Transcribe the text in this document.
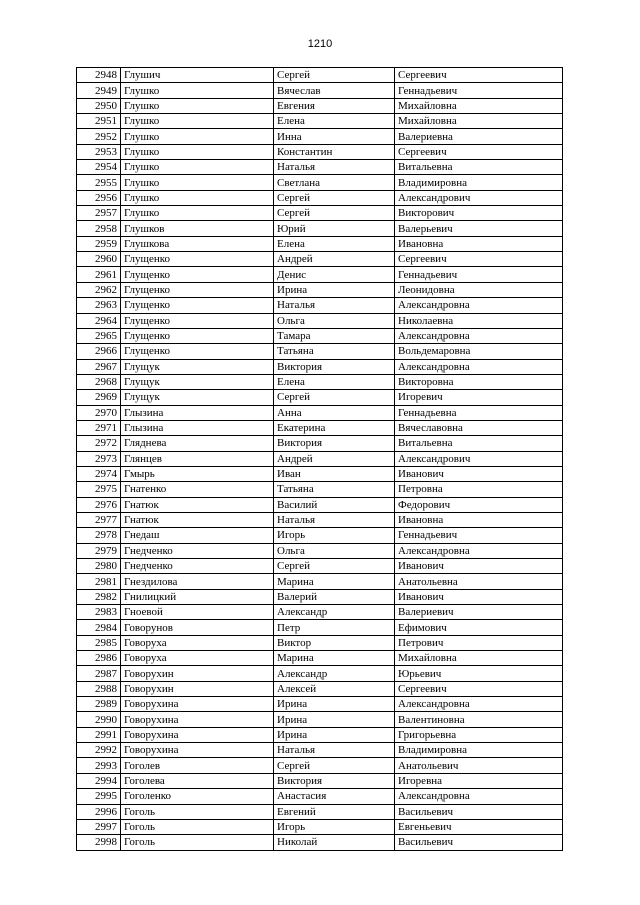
1210
2948	Глушич	Сергей	Сергеевич
2949	Глушко	Вячеслав	Геннадьевич
2950	Глушко	Евгения	Михайловна
2951	Глушко	Елена	Михайловна
2952	Глушко	Инна	Валериевна
2953	Глушко	Константин	Сергеевич
2954	Глушко	Наталья	Витальевна
2955	Глушко	Светлана	Владимировна
2956	Глушко	Сергей	Александрович
2957	Глушко	Сергей	Викторович
2958	Глушков	Юрий	Валерьевич
2959	Глушкова	Елена	Ивановна
2960	Глущенко	Андрей	Сергеевич
2961	Глущенко	Денис	Геннадьевич
2962	Глущенко	Ирина	Леонидовна
2963	Глущенко	Наталья	Александровна
2964	Глущенко	Ольга	Николаевна
2965	Глущенко	Тамара	Александровна
2966	Глущенко	Татьяна	Вольдемаровна
2967	Глущук	Виктория	Александровна
2968	Глущук	Елена	Викторовна
2969	Глущук	Сергей	Игоревич
2970	Глызина	Анна	Геннадьевна
2971	Глызина	Екатерина	Вячеславовна
2972	Гляднева	Виктория	Витальевна
2973	Глянцев	Андрей	Александрович
2974	Гмырь	Иван	Иванович
2975	Гнатенко	Татьяна	Петровна
2976	Гнатюк	Василий	Федорович
2977	Гнатюк	Наталья	Ивановна
2978	Гнедаш	Игорь	Геннадьевич
2979	Гнедченко	Ольга	Александровна
2980	Гнедченко	Сергей	Иванович
2981	Гнездилова	Марина	Анатольевна
2982	Гнилицкий	Валерий	Иванович
2983	Гноевой	Александр	Валериевич
2984	Говорунов	Петр	Ефимович
2985	Говоруха	Виктор	Петрович
2986	Говоруха	Марина	Михайловна
2987	Говорухин	Александр	Юрьевич
2988	Говорухин	Алексей	Сергеевич
2989	Говорухина	Ирина	Александровна
2990	Говорухина	Ирина	Валентиновна
2991	Говорухина	Ирина	Григорьевна
2992	Говорухина	Наталья	Владимировна
2993	Гоголев	Сергей	Анатольевич
2994	Гоголева	Виктория	Игоревна
2995	Гоголенко	Анастасия	Александровна
2996	Гоголь	Евгений	Васильевич
2997	Гоголь	Игорь	Евгеньевич
2998	Гоголь	Николай	Васильевич
